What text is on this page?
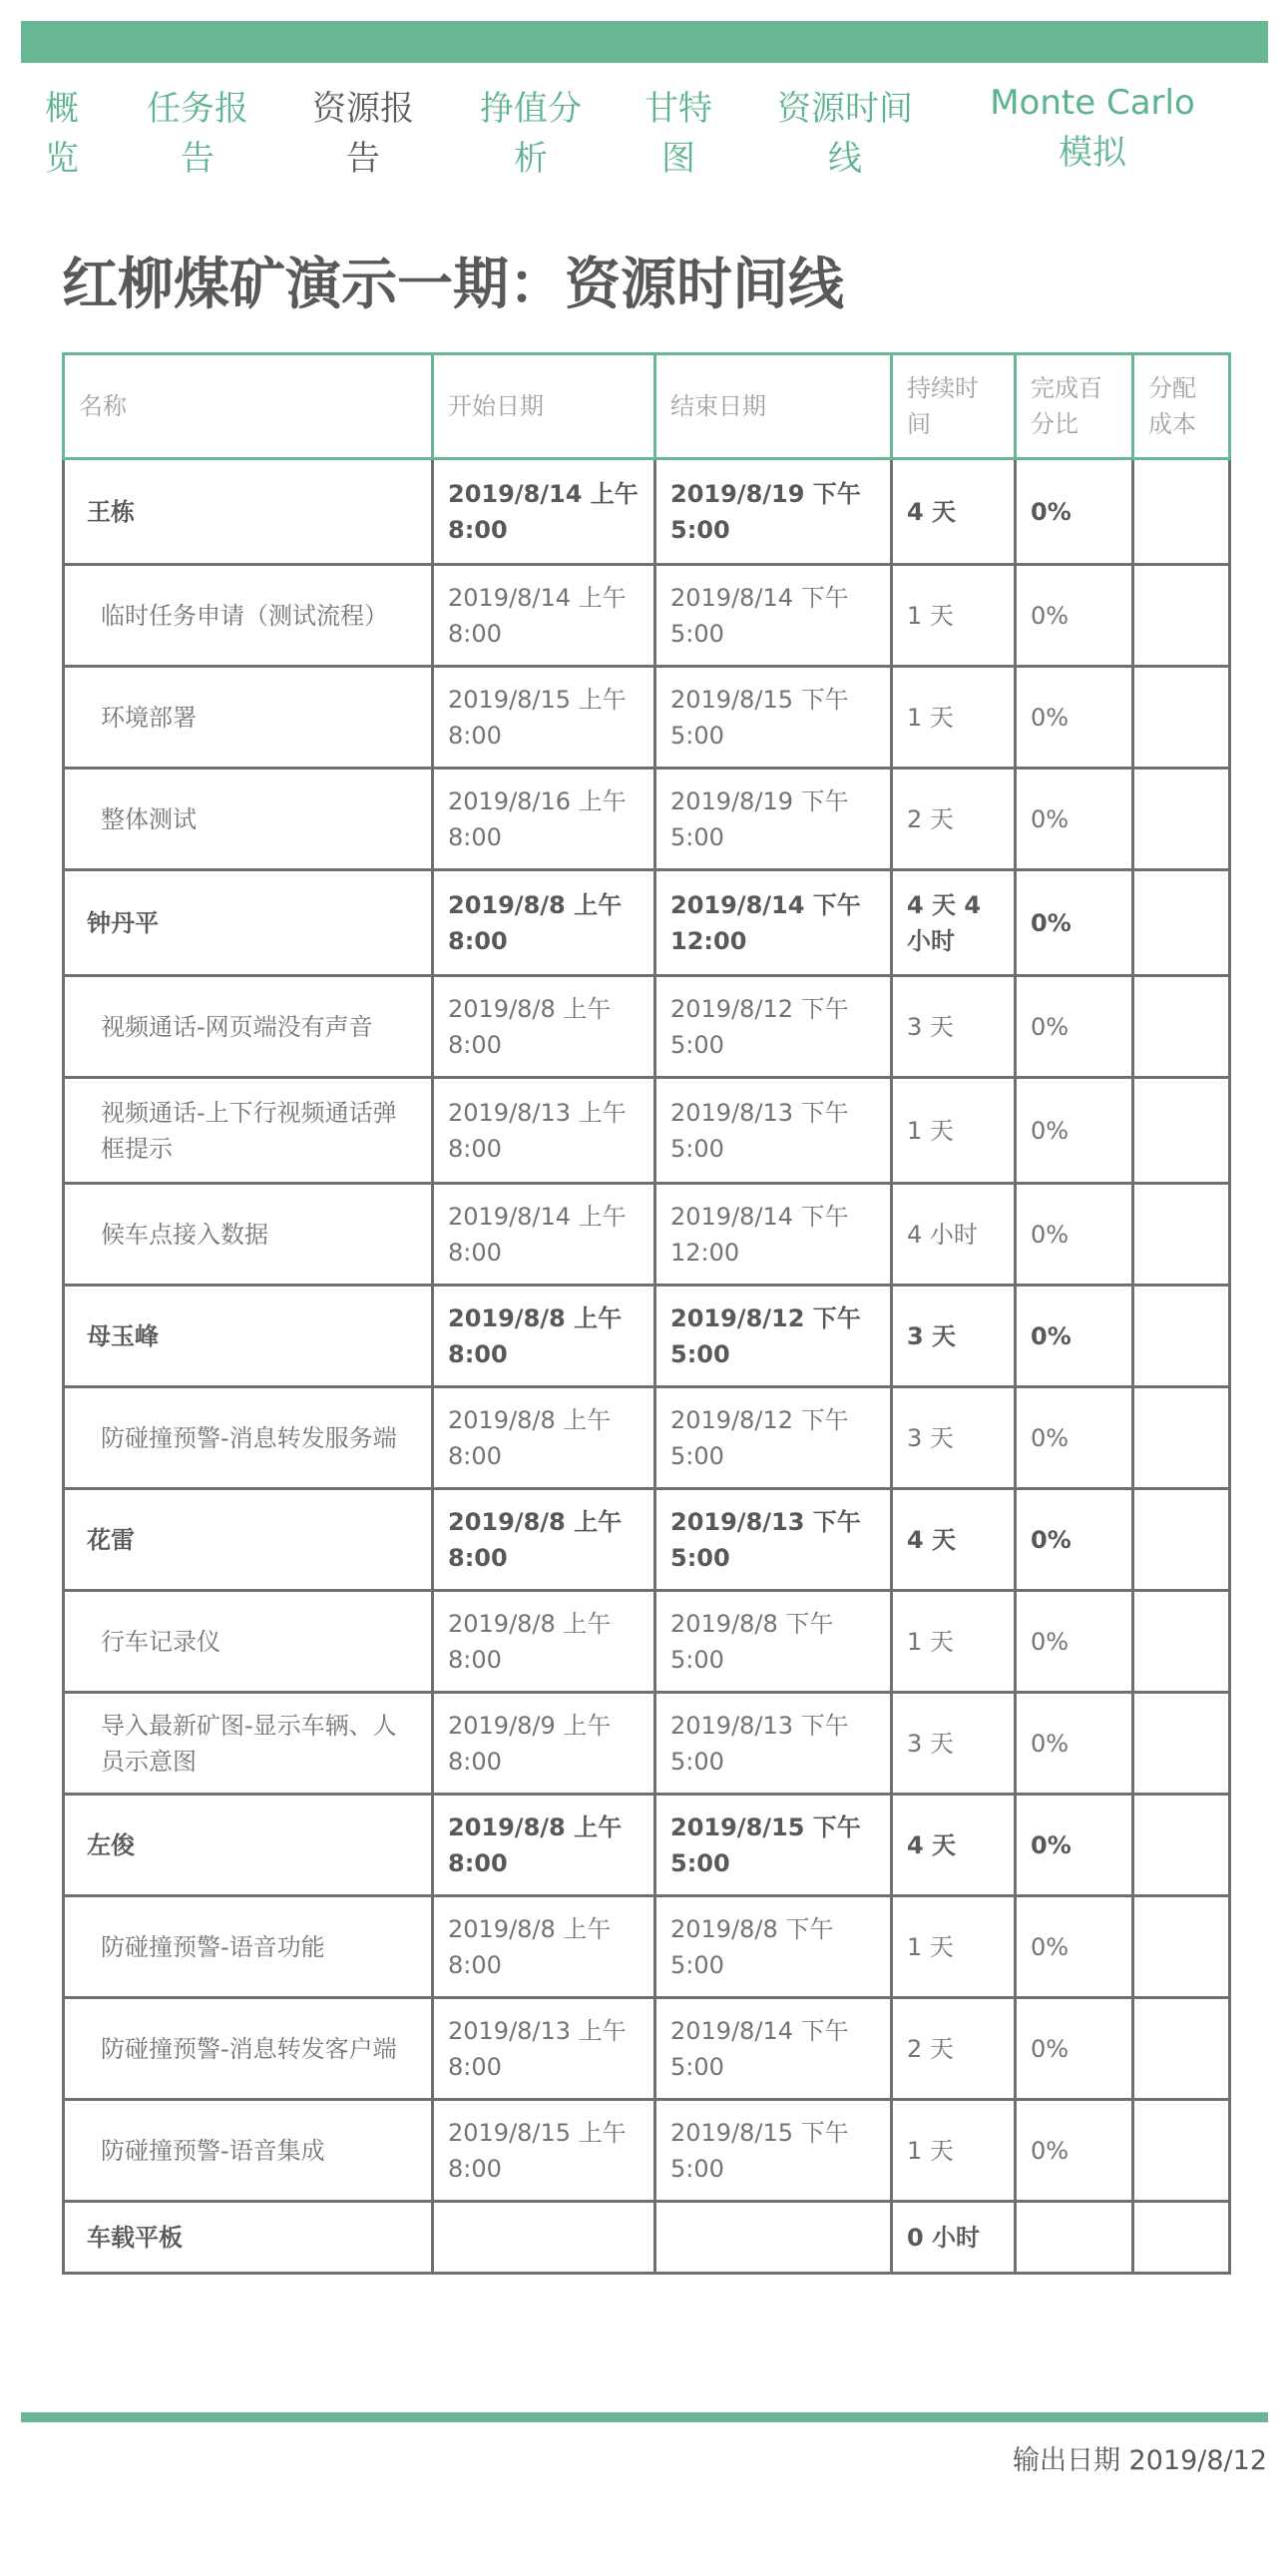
概
览
任务报
告
资源报
告
挣值分
析
甘特
图
资源时间
线
Monte Carlo
模拟
红柳煤矿演示一期：资源时间线
名称	开始日期	结束日期	持续时间	完成百分比	分配成本
王栋	2019/8/14 上午8:00	2019/8/19 下午5:00	4 天	0%	
临时任务申请（测试流程）	2019/8/14 上午8:00	2019/8/14 下午5:00	1 天	0%	
环境部署	2019/8/15 上午8:00	2019/8/15 下午5:00	1 天	0%	
整体测试	2019/8/16 上午8:00	2019/8/19 下午5:00	2 天	0%	
钟丹平	2019/8/8 上午8:00	2019/8/14 下午12:00	4 天 4 小时	0%	
视频通话-网页端没有声音	2019/8/8 上午8:00	2019/8/12 下午5:00	3 天	0%	
视频通话-上下行视频通话弹框提示	2019/8/13 上午8:00	2019/8/13 下午5:00	1 天	0%	
候车点接入数据	2019/8/14 上午8:00	2019/8/14 下午12:00	4 小时	0%	
母玉峰	2019/8/8 上午8:00	2019/8/12 下午5:00	3 天	0%	
防碰撞预警-消息转发服务端	2019/8/8 上午8:00	2019/8/12 下午5:00	3 天	0%	
花雷	2019/8/8 上午8:00	2019/8/13 下午5:00	4 天	0%	
行车记录仪	2019/8/8 上午8:00	2019/8/8 下午5:00	1 天	0%	
导入最新矿图-显示车辆、人员示意图	2019/8/9 上午8:00	2019/8/13 下午5:00	3 天	0%	
左俊	2019/8/8 上午8:00	2019/8/15 下午5:00	4 天	0%	
防碰撞预警-语音功能	2019/8/8 上午8:00	2019/8/8 下午5:00	1 天	0%	
防碰撞预警-消息转发客户端	2019/8/13 上午8:00	2019/8/14 下午5:00	2 天	0%	
防碰撞预警-语音集成	2019/8/15 上午8:00	2019/8/15 下午5:00	1 天	0%	
车载平板			0 小时		
输出日期 2019/8/12
